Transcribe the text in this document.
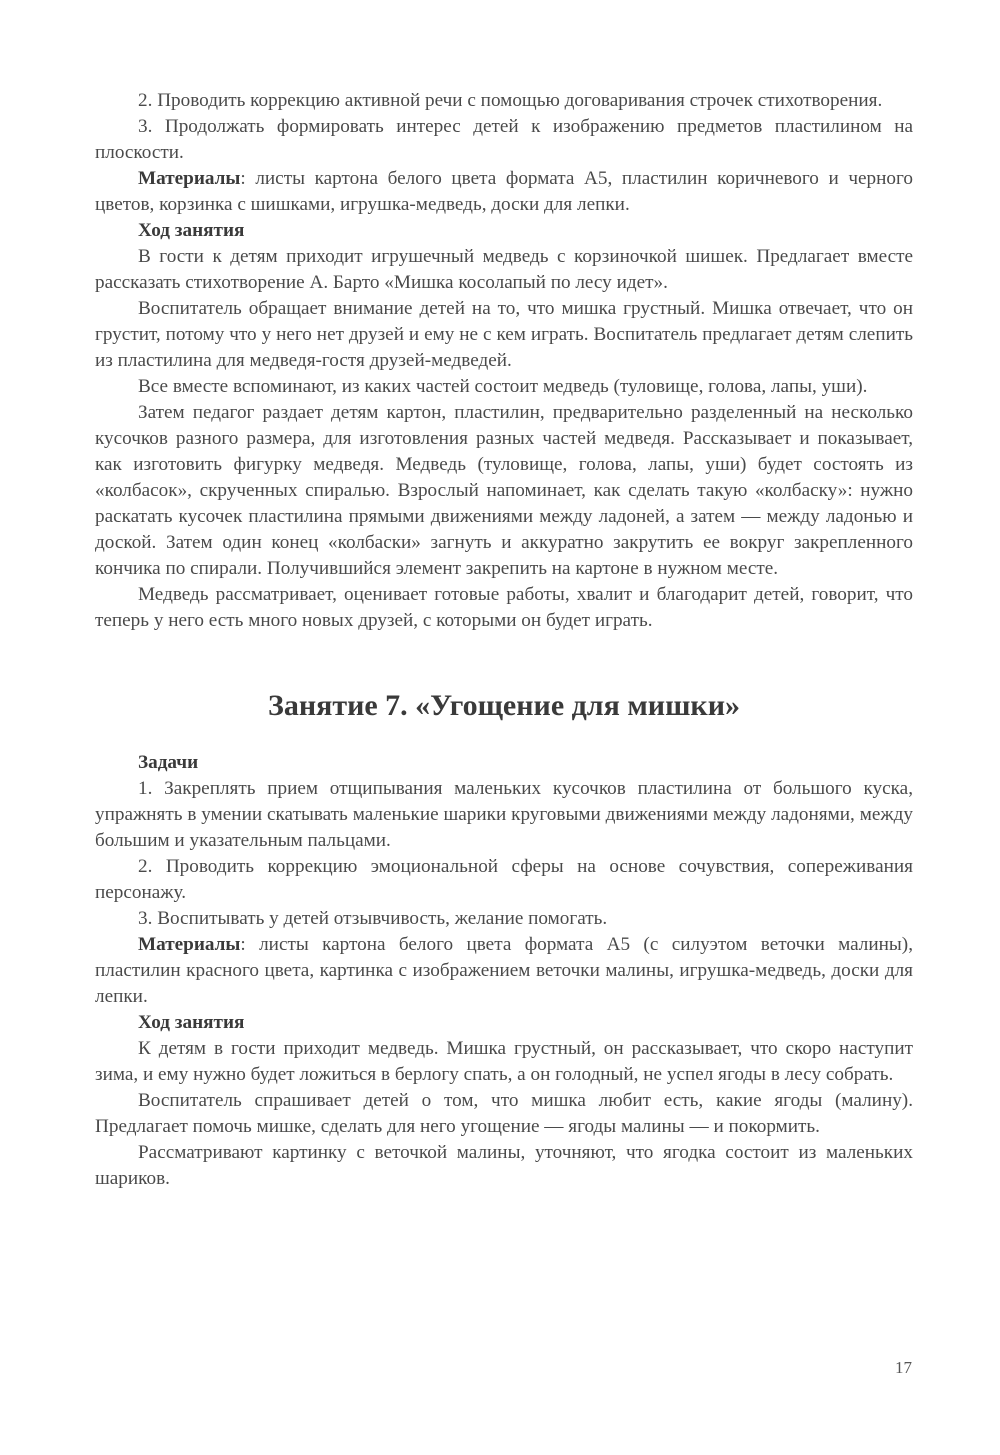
2. Проводить коррекцию активной речи с помощью договаривания строчек стихотворения.

3. Продолжать формировать интерес детей к изображению предметов пластилином на плоскости.

Материалы: листы картона белого цвета формата А5, пластилин коричневого и черного цветов, корзинка с шишками, игрушка-медведь, доски для лепки.

Ход занятия

В гости к детям приходит игрушечный медведь с корзиночкой шишек. Предлагает вместе рассказать стихотворение А. Барто «Мишка косолапый по лесу идет».

Воспитатель обращает внимание детей на то, что мишка грустный. Мишка отвечает, что он грустит, потому что у него нет друзей и ему не с кем играть. Воспитатель предлагает детям слепить из пластилина для медведя-гостя друзей-медведей.

Все вместе вспоминают, из каких частей состоит медведь (туловище, голова, лапы, уши).

Затем педагог раздает детям картон, пластилин, предварительно разделенный на несколько кусочков разного размера, для изготовления разных частей медведя. Рассказывает и показывает, как изготовить фигурку медведя. Медведь (туловище, голова, лапы, уши) будет состоять из «колбасок», скрученных спиралью. Взрослый напоминает, как сделать такую «колбаску»: нужно раскатать кусочек пластилина прямыми движениями между ладоней, а затем — между ладонью и доской. Затем один конец «колбаски» загнуть и аккуратно закрутить ее вокруг закрепленного кончика по спирали. Получившийся элемент закрепить на картоне в нужном месте.

Медведь рассматривает, оценивает готовые работы, хвалит и благодарит детей, говорит, что теперь у него есть много новых друзей, с которыми он будет играть.

Занятие 7. «Угощение для мишки»

Задачи

1. Закреплять прием отщипывания маленьких кусочков пластилина от большого куска, упражнять в умении скатывать маленькие шарики круговыми движениями между ладонями, между большим и указательным пальцами.

2. Проводить коррекцию эмоциональной сферы на основе сочувствия, сопереживания персонажу.

3. Воспитывать у детей отзывчивость, желание помогать.

Материалы: листы картона белого цвета формата А5 (с силуэтом веточки малины), пластилин красного цвета, картинка с изображением веточки малины, игрушка-медведь, доски для лепки.

Ход занятия

К детям в гости приходит медведь. Мишка грустный, он рассказывает, что скоро наступит зима, и ему нужно будет ложиться в берлогу спать, а он голодный, не успел ягоды в лесу собрать.

Воспитатель спрашивает детей о том, что мишка любит есть, какие ягоды (малину). Предлагает помочь мишке, сделать для него угощение — ягоды малины — и покормить.

Рассматривают картинку с веточкой малины, уточняют, что ягодка состоит из маленьких шариков.

17
